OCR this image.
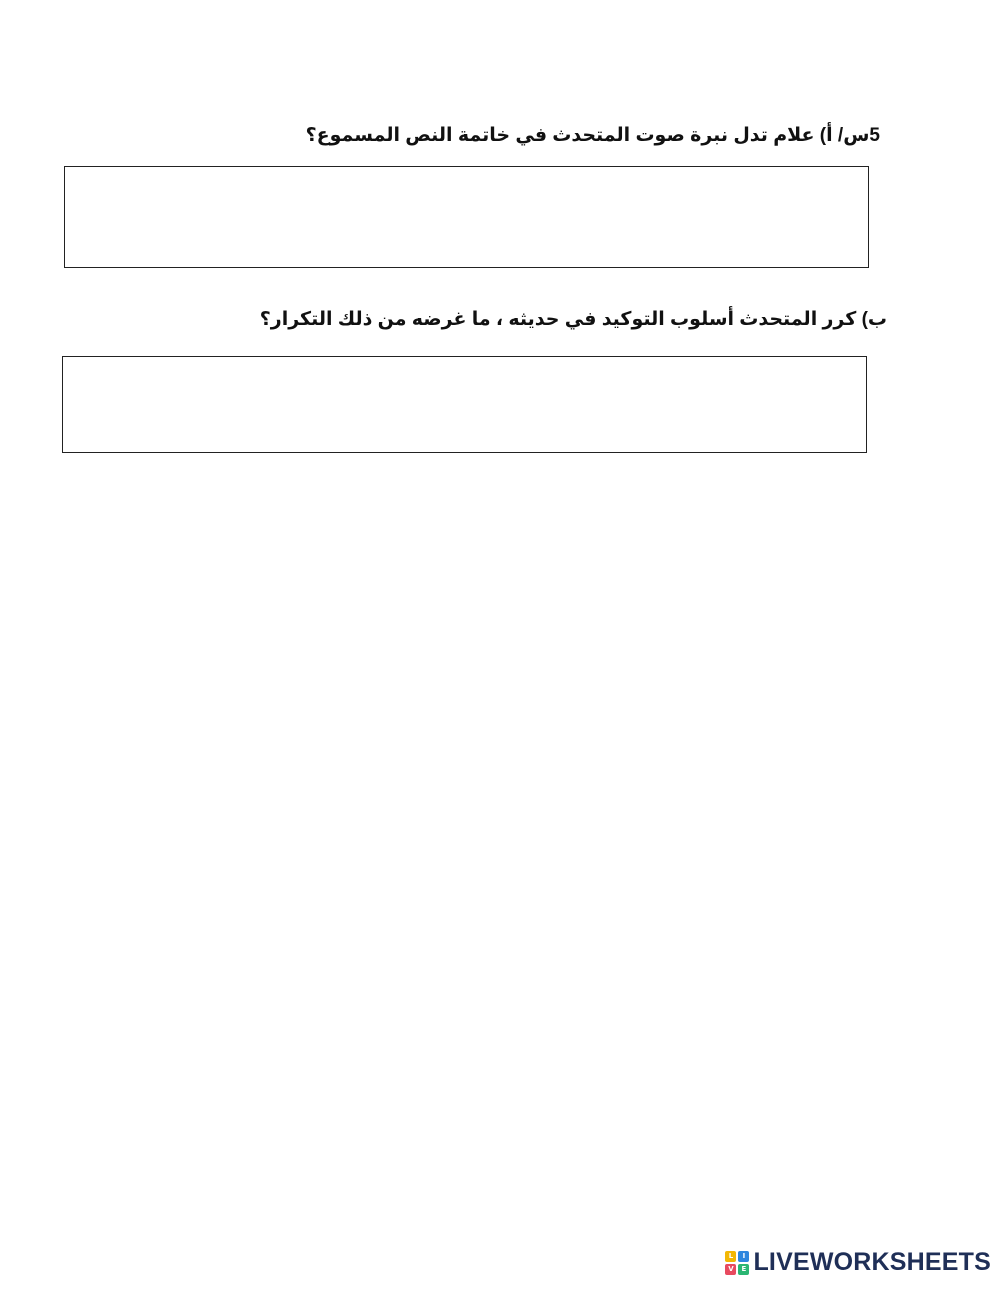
5س/ أ) علام تدل نبرة صوت المتحدث في خاتمة النص المسموع؟
ب) كرر المتحدث أسلوب التوكيد في حديثه ، ما غرضه من ذلك التكرار؟
L	I
V	E LIVEWORKSHEETS
